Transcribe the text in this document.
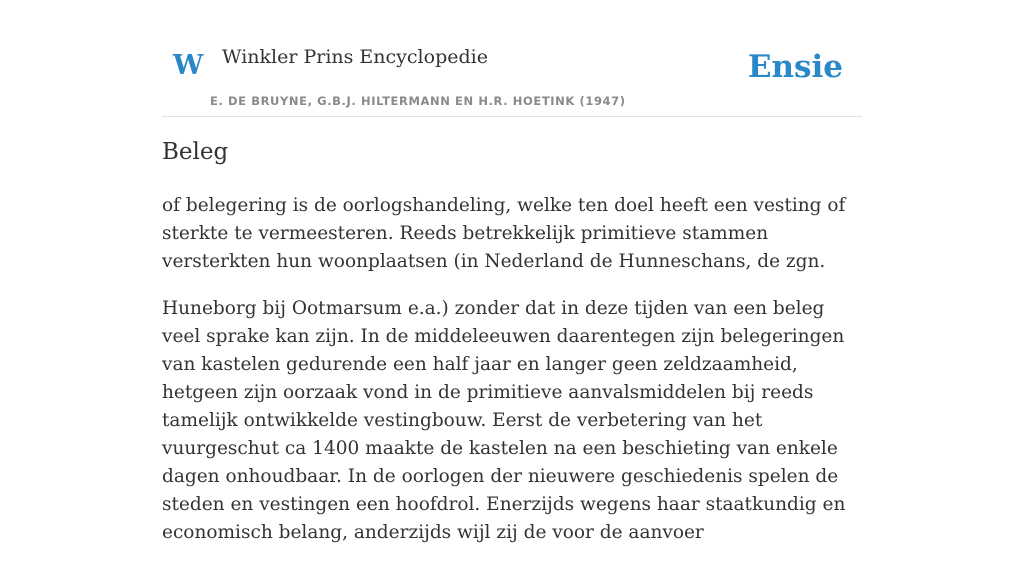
W Winkler Prins Encyclopedie
E. DE BRUYNE, G.B.J. HILTERMANN EN H.R. HOETINK (1947)
Ensie
Beleg

of belegering is de oorlogshandeling, welke ten doel heeft een vesting of sterkte te vermeesteren. Reeds betrekkelijk primitieve stammen versterkten hun woonplaatsen (in Nederland de Hunneschans, de zgn.

Huneborg bij Ootmarsum e.a.) zonder dat in deze tijden van een beleg veel sprake kan zijn. In de middeleeuwen daarentegen zijn belegeringen van kastelen gedurende een half jaar en langer geen zeldzaamheid, hetgeen zijn oorzaak vond in de primitieve aanvalsmiddelen bij reeds tamelijk ontwikkelde vestingbouw. Eerst de verbetering van het vuurgeschut ca 1400 maakte de kastelen na een beschieting van enkele dagen onhoudbaar. In de oorlogen der nieuwere geschiedenis spelen de steden en vestingen een hoofdrol. Enerzijds wegens haar staatkundig en economisch belang, anderzijds wijl zij de voor de aanvoer
